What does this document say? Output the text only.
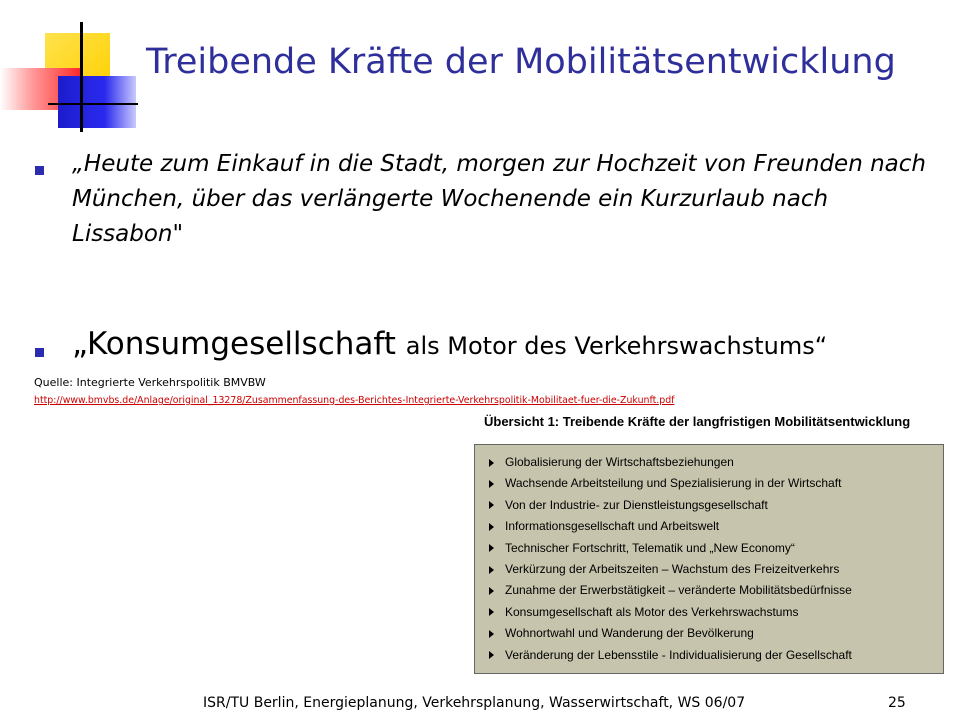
Treibende Kräfte der Mobilitätsentwicklung
„Heute zum Einkauf in die Stadt, morgen zur Hochzeit von Freunden nach München, über das verlängerte Wochenende ein Kurzurlaub nach Lissabon"
„Konsumgesellschaft als Motor des Verkehrswachstums“
Quelle: Integrierte Verkehrspolitik BMVBW
http://www.bmvbs.de/Anlage/original_13278/Zusammenfassung-des-Berichtes-Integrierte-Verkehrspolitik-Mobilitaet-fuer-die-Zukunft.pdf
Übersicht 1: Treibende Kräfte der langfristigen Mobilitätsentwicklung
Globalisierung der Wirtschaftsbeziehungen
Wachsende Arbeitsteilung und Spezialisierung in der Wirtschaft
Von der Industrie- zur Dienstleistungsgesellschaft
Informationsgesellschaft und Arbeitswelt
Technischer Fortschritt, Telematik und „New Economy“
Verkürzung der Arbeitszeiten – Wachstum des Freizeitverkehrs
Zunahme der Erwerbstätigkeit – veränderte Mobilitätsbedürfnisse
Konsumgesellschaft als Motor des Verkehrswachstums
Wohnortwahl und Wanderung der Bevölkerung
Veränderung der Lebensstile - Individualisierung der Gesellschaft
ISR/TU Berlin, Energieplanung, Verkehrsplanung, Wasserwirtschaft, WS 06/07	25
